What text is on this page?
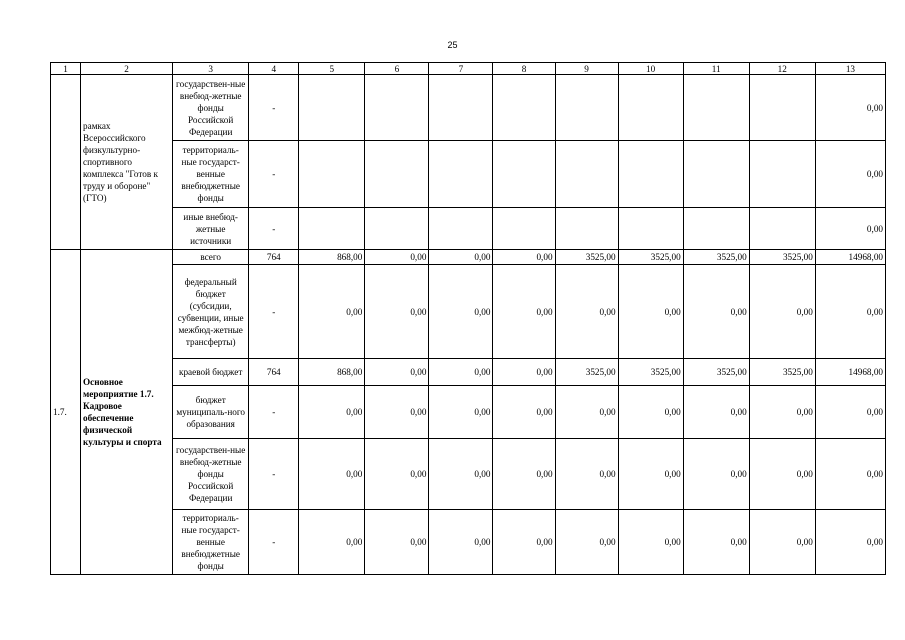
25
1	2	3	4	5	6	7	8	9	10	11	12	13
	рамках Всероссийского физкультурно-спортивного комплекса "Готов к труду и обороне" (ГТО)	государствен-ные внебюд-жетные фонды Российской Федерации	-									0,00
		территориаль-ные государст-венные внебюджетные фонды	-									0,00
		иные внебюд-жетные источники	-									0,00
1.7.	Основное мероприятие 1.7. Кадровое обеспечение физической культуры и спорта	всего	764	868,00	0,00	0,00	0,00	3525,00	3525,00	3525,00	3525,00	14968,00
		федеральный бюджет (субсидии, субвенции, иные межбюд-жетные трансферты)	-	0,00	0,00	0,00	0,00	0,00	0,00	0,00	0,00	0,00
		краевой бюджет	764	868,00	0,00	0,00	0,00	3525,00	3525,00	3525,00	3525,00	14968,00
		бюджет муниципаль-ного образования	-	0,00	0,00	0,00	0,00	0,00	0,00	0,00	0,00	0,00
		государствен-ные внебюд-жетные фонды Российской Федерации	-	0,00	0,00	0,00	0,00	0,00	0,00	0,00	0,00	0,00
		территориаль-ные государст-венные внебюджетные фонды	-	0,00	0,00	0,00	0,00	0,00	0,00	0,00	0,00	0,00
